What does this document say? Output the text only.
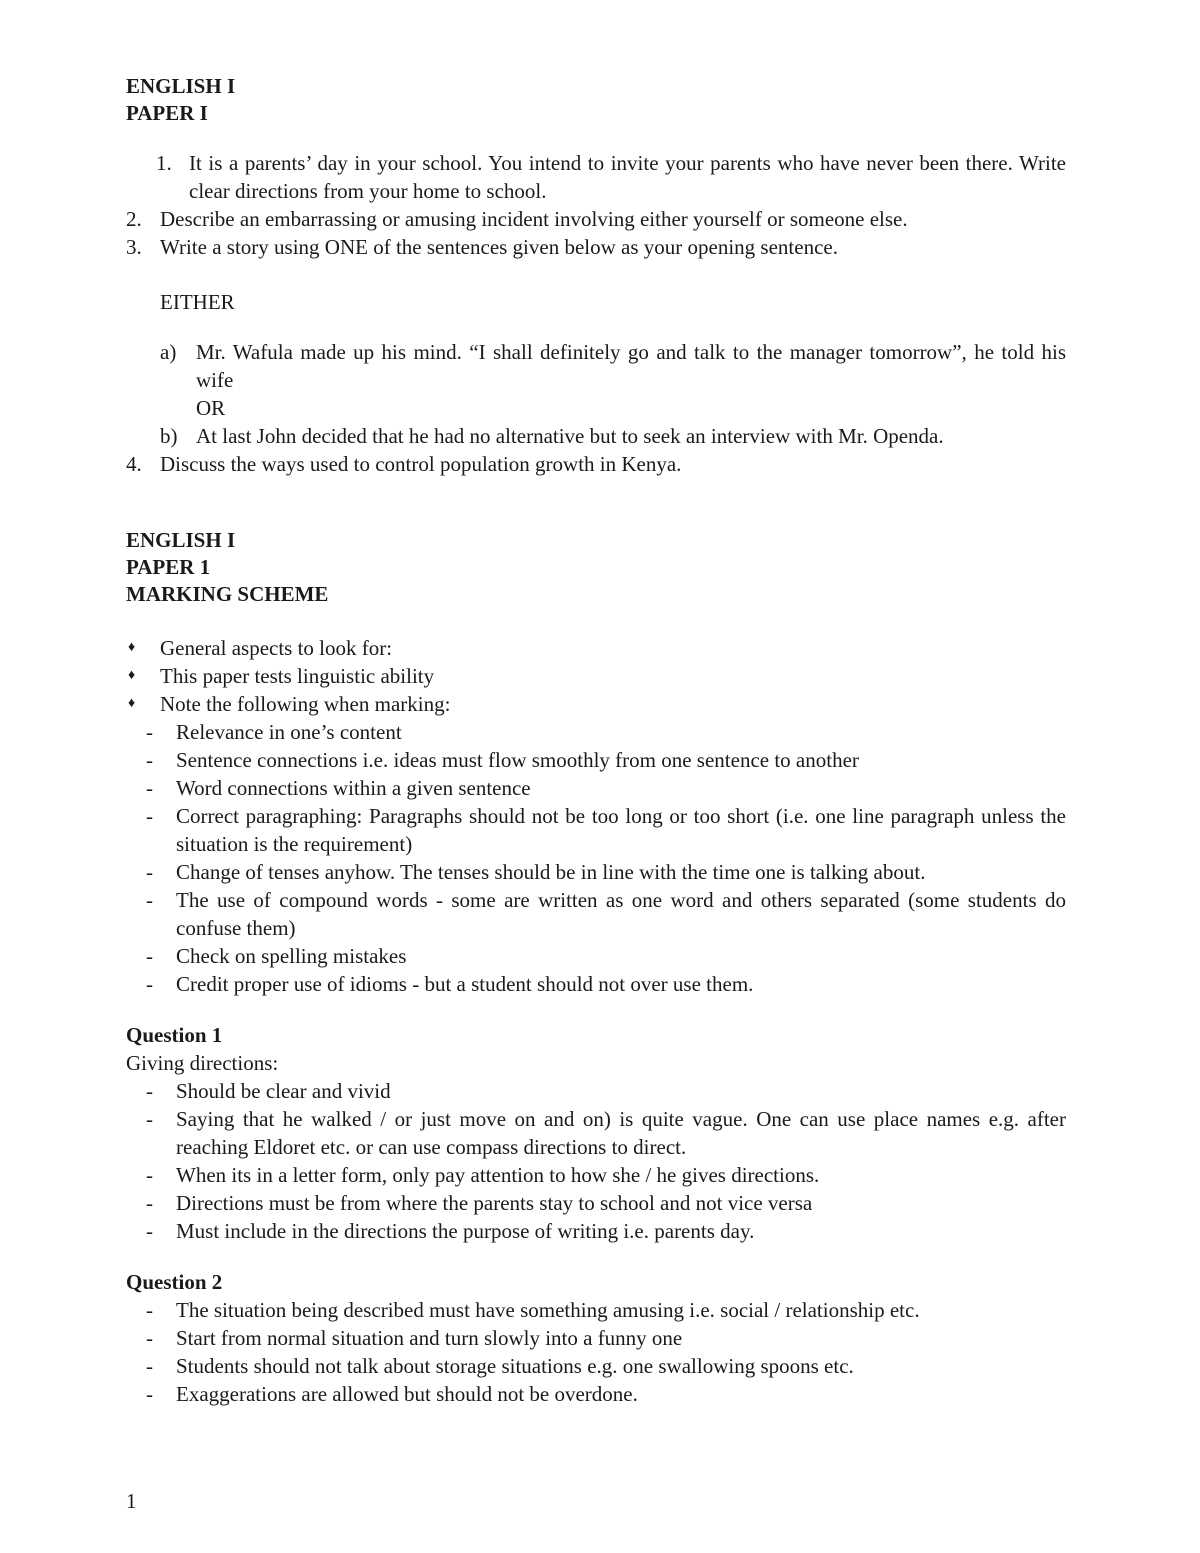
ENGLISH I
PAPER I
1. It is a parents’ day in your school. You intend to invite your parents who have never been there. Write clear directions from your home to school.
2. Describe an embarrassing or amusing incident involving either yourself or someone else.
3. Write a story using ONE of the sentences given below as your opening sentence.
EITHER
a) Mr. Wafula made up his mind. “I shall definitely go and talk to the manager tomorrow”, he told his wife
OR
b) At last John decided that he had no alternative but to seek an interview with Mr. Openda.
4. Discuss the ways used to control population growth in Kenya.
ENGLISH I
PAPER 1
MARKING SCHEME
♦ General aspects to look for:
♦ This paper tests linguistic ability
♦ Note the following when marking:
- Relevance in one’s content
- Sentence connections i.e. ideas must flow smoothly from one sentence to another
- Word connections within a given sentence
- Correct paragraphing: Paragraphs should not be too long or too short (i.e. one line paragraph unless the situation is the requirement)
- Change of tenses anyhow. The tenses should be in line with the time one is talking about.
- The use of compound words - some are written as one word and others separated (some students do confuse them)
- Check on spelling mistakes
- Credit proper use of idioms - but a student should not over use them.
Question 1
Giving directions:
- Should be clear and vivid
- Saying that he walked / or just move on and on) is quite vague. One can use place names e.g. after reaching Eldoret etc. or can use compass directions to direct.
- When its in a letter form, only pay attention to how she / he gives directions.
- Directions must be from where the parents stay to school and not vice versa
- Must include in the directions the purpose of writing i.e. parents day.
Question 2
- The situation being described must have something amusing i.e. social / relationship etc.
- Start from normal situation and turn slowly into a funny one
- Students should not talk about storage situations e.g. one swallowing spoons etc.
- Exaggerations are allowed but should not be overdone.
1
